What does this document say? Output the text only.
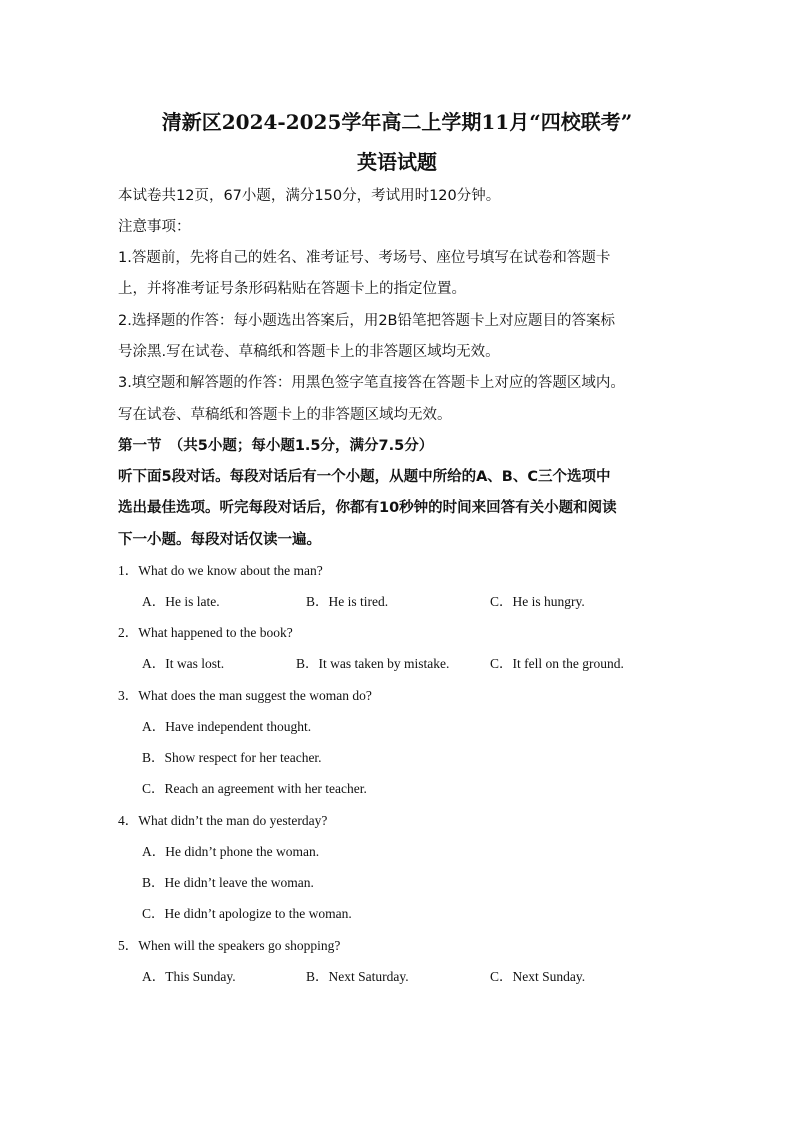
清新区2024-2025学年高二上学期11月“四校联考”
英语试题
本试卷共12页，67小题，满分150分，考试用时120分钟。
注意事项：
1.答题前，先将自己的姓名、准考证号、考场号、座位号填写在试卷和答题卡
上，并将准考证号条形码粘贴在答题卡上的指定位置。
2.选择题的作答：每小题选出答案后，用2B铅笔把答题卡上对应题目的答案标
号涂黑.写在试卷、草稿纸和答题卡上的非答题区域均无效。
3.填空题和解答题的作答：用黑色签字笔直接答在答题卡上对应的答题区域内。
写在试卷、草稿纸和答题卡上的非答题区域均无效。
第一节　（共5小题；每小题1.5分，满分7.5分）
听下面5段对话。每段对话后有一个小题，从题中所给的A、B、C三个选项中
选出最佳选项。听完每段对话后，你都有10秒钟的时间来回答有关小题和阅读
下一小题。每段对话仅读一遍。
1．What do we know about the man?
A．He is late.	B．He is tired.	C．He is hungry.
2．What happened to the book?
A．It was lost.	B．It was taken by mistake.	C．It fell on the ground.
3．What does the man suggest the woman do?
A．Have independent thought.
B．Show respect for her teacher.
C．Reach an agreement with her teacher.
4．What didn’t the man do yesterday?
A．He didn’t phone the woman.
B．He didn’t leave the woman.
C．He didn’t apologize to the woman.
5．When will the speakers go shopping?
A．This Sunday.	B．Next Saturday.	C．Next Sunday.
